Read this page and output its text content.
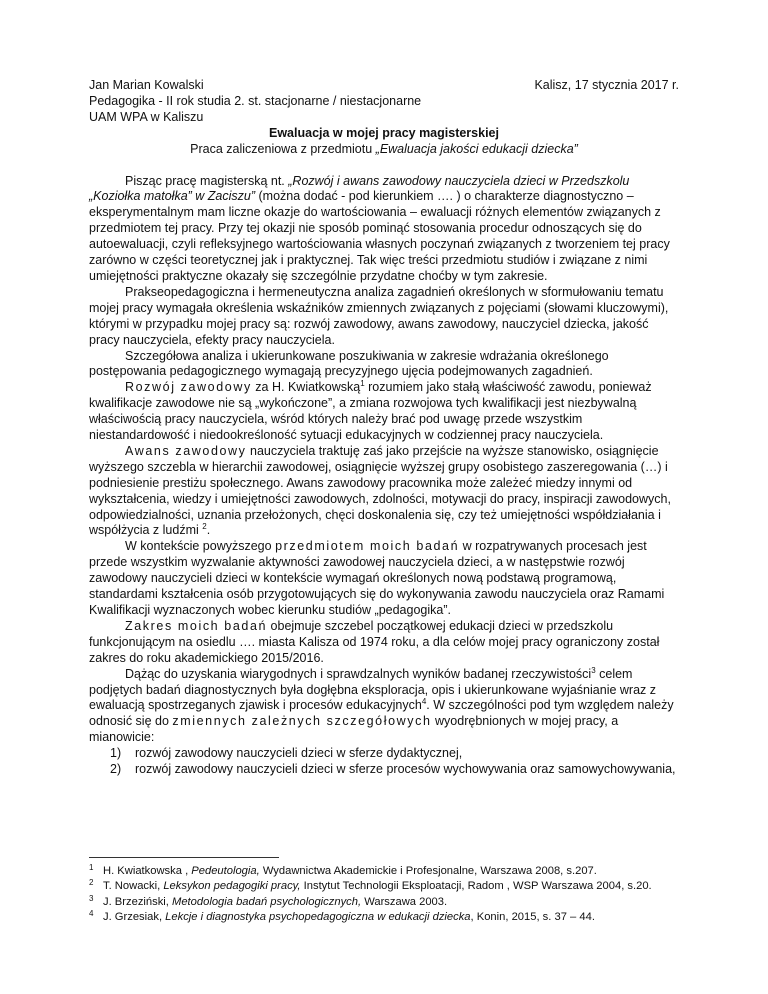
Jan Marian Kowalski	Kalisz, 17 stycznia 2017 r.
Pedagogika - II rok studia 2. st. stacjonarne / niestacjonarne
UAM WPA w Kaliszu
Ewaluacja w mojej pracy magisterskiej
Praca zaliczeniowa z przedmiotu „Ewaluacja jakości edukacji dziecka”

Pisząc pracę magisterską nt. „Rozwój i awans zawodowy nauczyciela dzieci w Przedszkolu „Koziołka matołka” w Zaciszu” (można dodać - pod kierunkiem …. ) o charakterze diagnostyczno – eksperymentalnym mam liczne okazje do wartościowania – ewaluacji różnych elementów związanych z przedmiotem tej pracy. Przy tej okazji nie sposób pominąć stosowania procedur odnoszących się do autoewaluacji, czyli refleksyjnego wartościowania własnych poczynań związanych z tworzeniem tej pracy zarówno w części teoretycznej jak i praktycznej. Tak więc treści przedmiotu studiów i związane z nimi umiejętności praktyczne okazały się szczególnie przydatne choćby w tym zakresie.

Prakseopedagogiczna i hermeneutyczna analiza zagadnień określonych w sformułowaniu tematu mojej pracy wymagała określenia wskaźników zmiennych związanych z pojęciami (słowami kluczowymi), którymi w przypadku mojej pracy są: rozwój zawodowy, awans zawodowy, nauczyciel dziecka, jakość pracy nauczyciela, efekty pracy nauczyciela.

Szczegółowa analiza i ukierunkowane poszukiwania w zakresie wdrażania określonego postępowania pedagogicznego wymagają precyzyjnego ujęcia podejmowanych zagadnień.

Rozwój zawodowy za H. Kwiatkowską$^1$ rozumiem jako stałą właściwość zawodu, ponieważ kwalifikacje zawodowe nie są „wykończone”, a zmiana rozwojowa tych kwalifikacji jest niezbywalną właściwością pracy nauczyciela, wśród których należy brać pod uwagę przede wszystkim niestandardowość i niedookreśloność sytuacji edukacyjnych w codziennej pracy nauczyciela.

Awans zawodowy nauczyciela traktuję zaś jako przejście na wyższe stanowisko, osiągnięcie wyższego szczebla w hierarchii zawodowej, osiągnięcie wyższej grupy osobistego zaszeregowania (…) i podniesienie prestiżu społecznego. Awans zawodowy pracownika może zależeć miedzy innymi od wykształcenia, wiedzy i umiejętności zawodowych, zdolności, motywacji do pracy, inspiracji zawodowych, odpowiedzialności, uznania przełożonych, chęci doskonalenia się, czy też umiejętności współdziałania i współżycia z ludźmi $^2$.

W kontekście powyższego przedmiotem moich badań w rozpatrywanych procesach jest przede wszystkim wyzwalanie aktywności zawodowej nauczyciela dzieci, a w następstwie rozwój zawodowy nauczycieli dzieci w kontekście wymagań określonych nową podstawą programową, standardami kształcenia osób przygotowujących się do wykonywania zawodu nauczyciela oraz Ramami Kwalifikacji wyznaczonych wobec kierunku studiów „pedagogika”.

Zakres moich badań obejmuje szczebel początkowej edukacji dzieci w przedszkolu funkcjonującym na osiedlu …. miasta Kalisza od 1974 roku, a dla celów mojej pracy ograniczony został zakres do roku akademickiego 2015/2016.

Dążąc do uzyskania wiarygodnych i sprawdzalnych wyników badanej rzeczywistości$^3$ celem podjętych badań diagnostycznych była dogłębna eksploracja, opis i ukierunkowane wyjaśnianie wraz z ewaluacją spostrzeganych zjawisk i procesów edukacyjnych$^4$. W szczególności pod tym względem należy odnosić się do zmiennych zależnych szczegółowych wyodrębnionych w mojej pracy, a mianowicie:

1) rozwój zawodowy nauczycieli dzieci w sferze dydaktycznej,
2) rozwój zawodowy nauczycieli dzieci w sferze procesów wychowywania oraz samowychowywania,
1 H. Kwiatkowska , Pedeutologia, Wydawnictwa Akademickie i Profesjonalne, Warszawa 2008, s.207.
2 T. Nowacki, Leksykon pedagogiki pracy, Instytut Technologii Eksploatacji, Radom , WSP Warszawa 2004, s.20.
3 J. Brzeziński, Metodologia badań psychologicznych, Warszawa 2003.
4 J. Grzesiak, Lekcje i diagnostyka psychopedagogiczna w edukacji dziecka, Konin, 2015, s. 37 – 44.
